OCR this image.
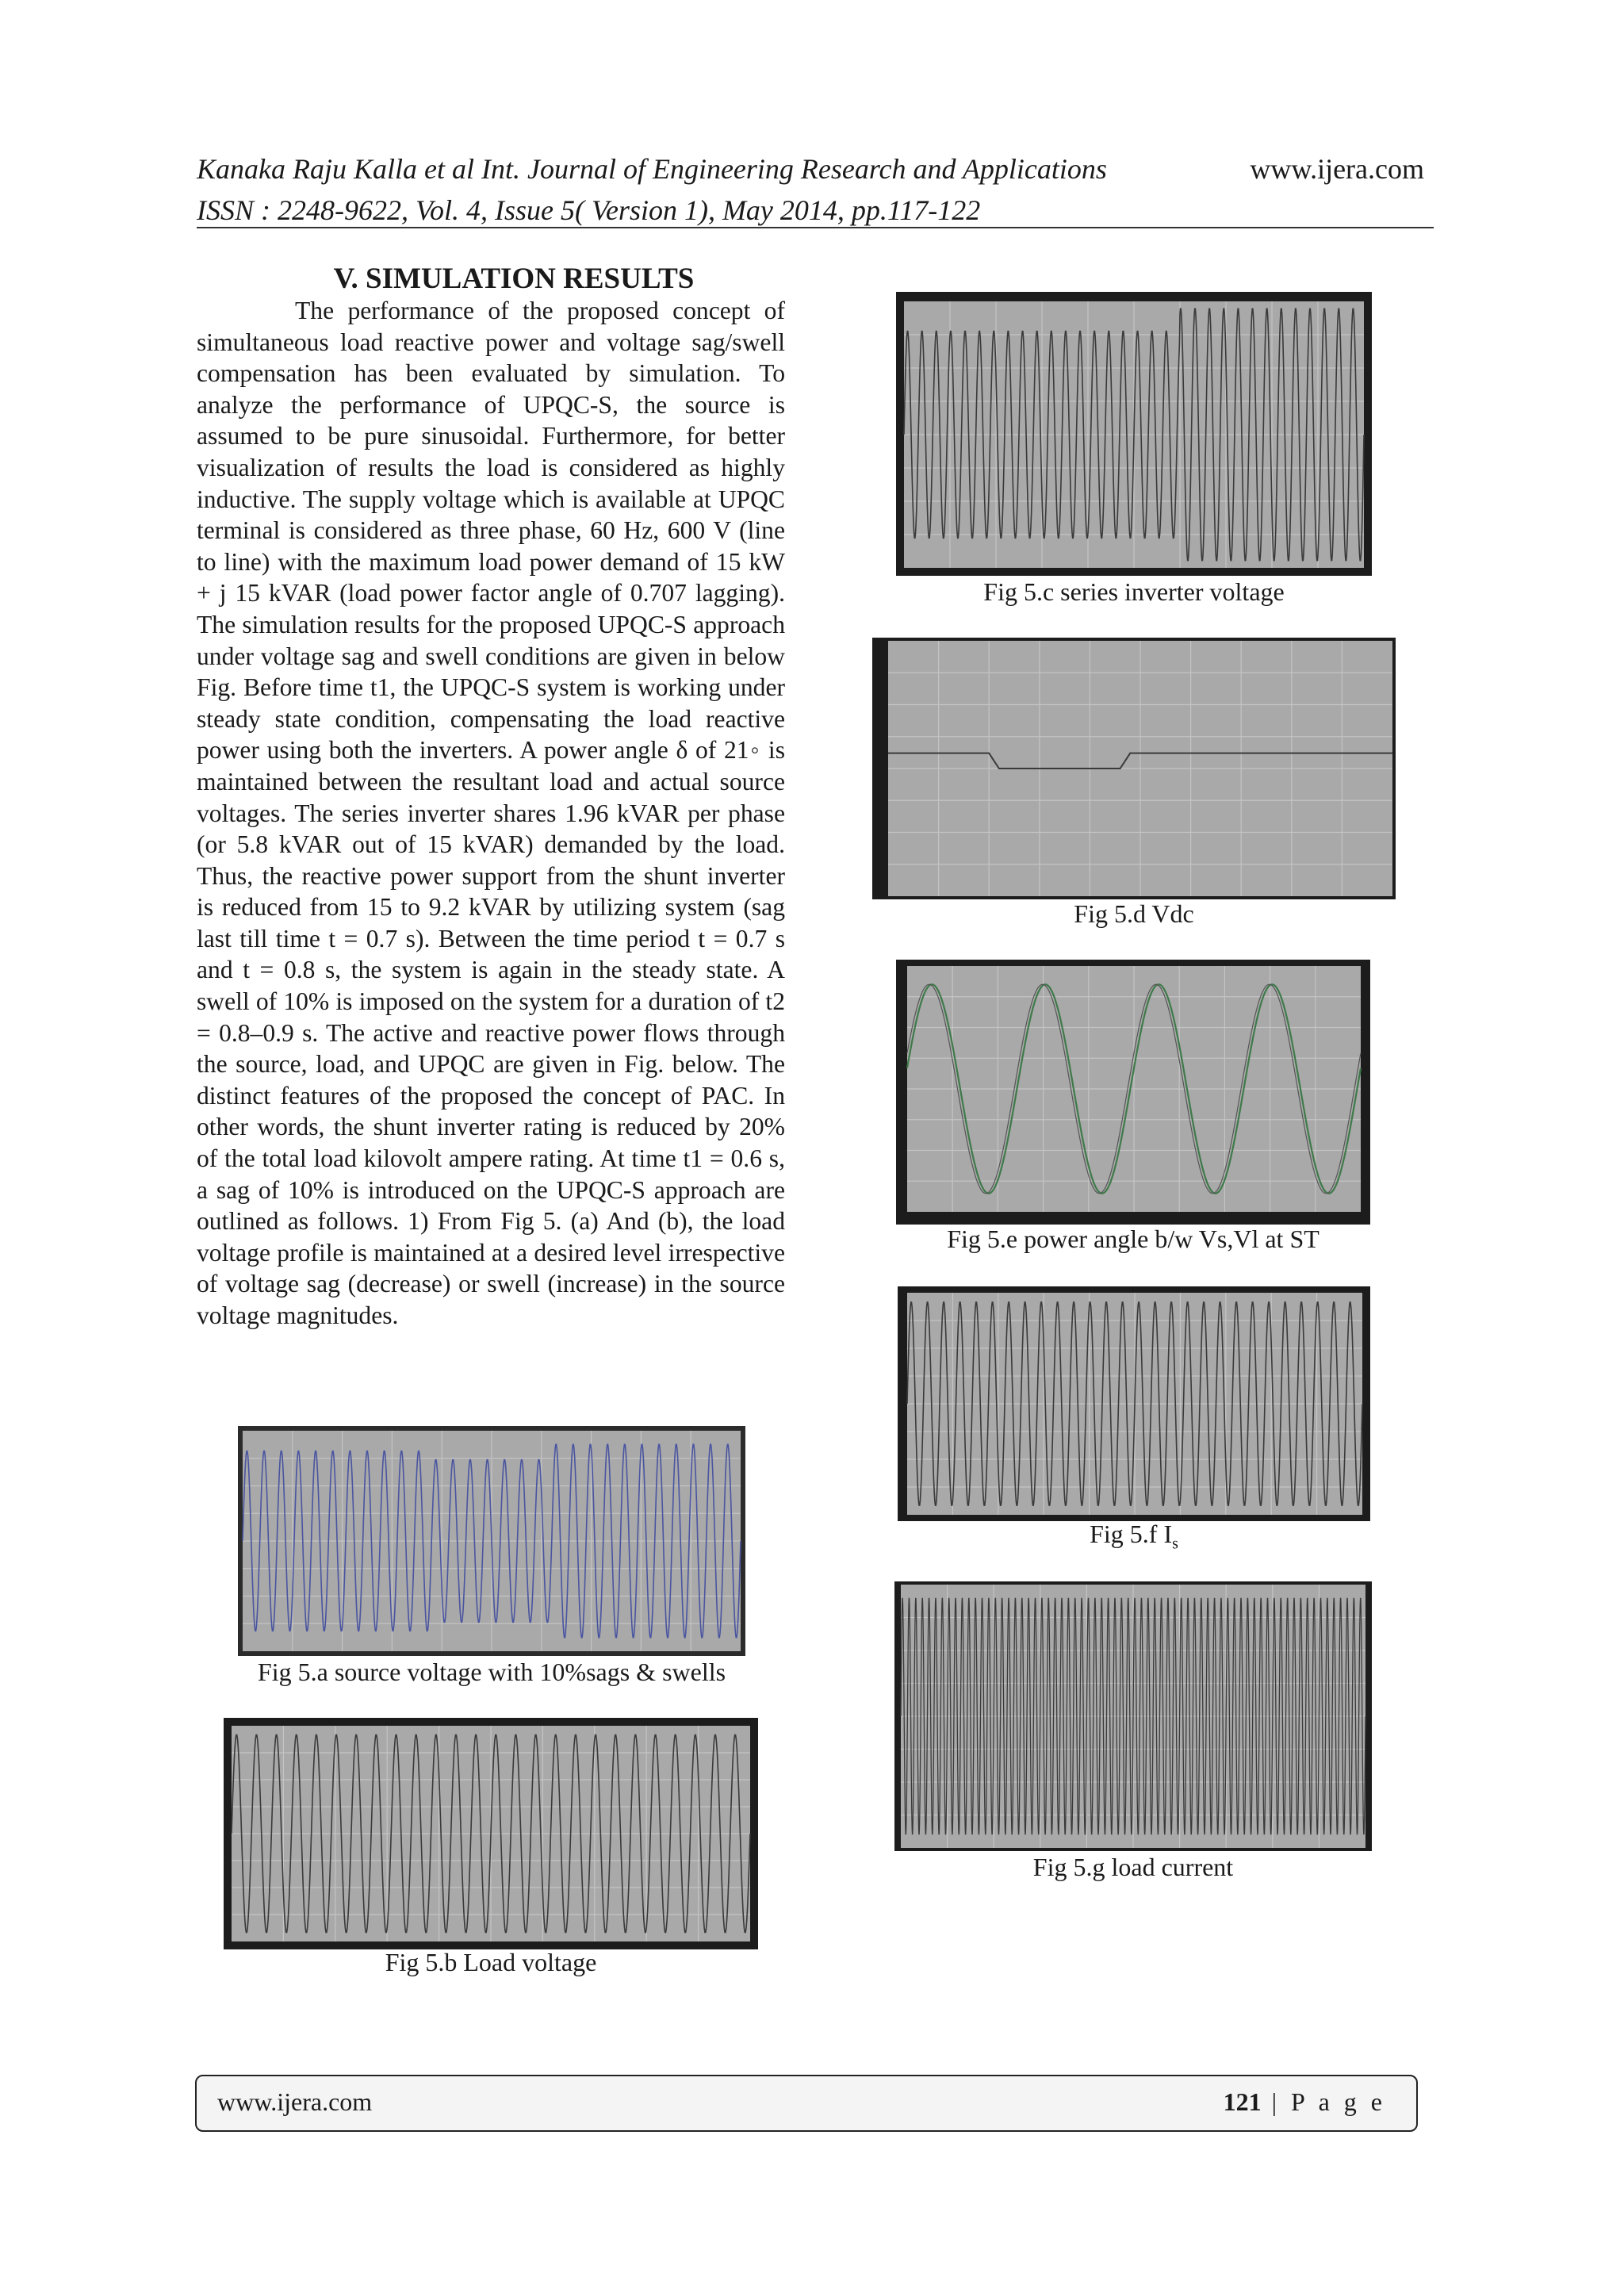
Kanaka Raju Kalla et al Int. Journal of Engineering Research and Applications	www.ijera.com
ISSN : 2248-9622, Vol. 4, Issue 5( Version 1), May 2014, pp.117-122
V. SIMULATION RESULTS

The performance of the proposed concept of simultaneous load reactive power and voltage sag/swell compensation has been evaluated by simulation. To analyze the performance of UPQC-S, the source is assumed to be pure sinusoidal. Furthermore, for better visualization of results the load is considered as highly inductive. The supply voltage which is available at UPQC terminal is considered as three phase, 60 Hz, 600 V (line to line) with the maximum load power demand of 15 kW + j 15 kVAR (load power factor angle of 0.707 lagging). The simulation results for the proposed UPQC-S approach under voltage sag and swell conditions are given in below Fig. Before time t1, the UPQC-S system is working under steady state condition, compensating the load reactive power using both the inverters. A power angle δ of 21◦ is maintained between the resultant load and actual source voltages. The series inverter shares 1.96 kVAR per phase (or 5.8 kVAR out of 15 kVAR) demanded by the load. Thus, the reactive power support from the shunt inverter is reduced from 15 to 9.2 kVAR by utilizing system (sag last till time t = 0.7 s). Between the time period t = 0.7 s and t = 0.8 s, the system is again in the steady state. A swell of 10% is imposed on the system for a duration of t2 = 0.8–0.9 s. The active and reactive power flows through the source, load, and UPQC are given in Fig. below. The distinct features of the proposed the concept of PAC. In other words, the shunt inverter rating is reduced by 20% of the total load kilovolt ampere rating. At time t1 = 0.6 s, a sag of 10% is introduced on the UPQC-S approach are outlined as follows. 1) From Fig 5. (a) And (b), the load voltage profile is maintained at a desired level irrespective of voltage sag (decrease) or swell (increase) in the source voltage magnitudes.

Fig 5.a source voltage with 10%sags & swells
Fig 5.b Load voltage
Fig 5.c series inverter voltage
Fig 5.d Vdc
Fig 5.e power angle b/w Vs,Vl at ST
Fig 5.f $I_s$
Fig 5.g load current
www.ijera.com	121 | P a g e
